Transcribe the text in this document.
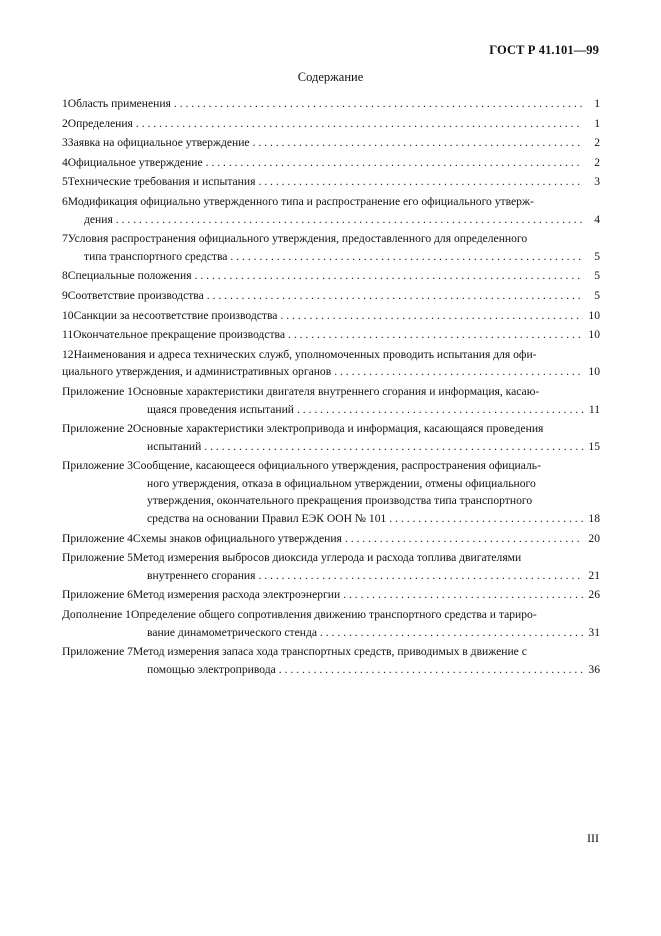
ГОСТ Р 41.101—99
Содержание
1 Область применения . . .	1
2 Определения . . .	1
3 Заявка на официальное утверждение . . .	2
4 Официальное утверждение . . .	2
5 Технические требования и испытания . . .	3
6 Модификация официально утвержденного типа и распространение его официального утверж-
дения . . .	4
7 Условия распространения официального утверждения, предоставленного для определенного
типа транспортного средства . . .	5
8 Специальные положения . . .	5
9 Соответствие производства . . .	5
10 Санкции за несоответствие производства . . .	10
11 Окончательное прекращение производства . . .	10
12 Наименования и адреса технических служб, уполномоченных проводить испытания для офи-
циального утверждения, и административных органов . . .	10
Приложение 1 Основные характеристики двигателя внутреннего сгорания и информация, касаю-
щаяся проведения испытаний . . .	11
Приложение 2 Основные характеристики электропривода и информация, касающаяся проведения
испытаний . . .	15
Приложение 3 Сообщение, касающееся официального утверждения, распространения официаль-
ного утверждения, отказа в официальном утверждении, отмены официального
утверждения, окончательного прекращения производства типа транспортного
средства на основании Правил ЕЭК ООН № 101 . . .	18
Приложение 4 Схемы знаков официального утверждения . . .	20
Приложение 5 Метод измерения выбросов диоксида углерода и расхода топлива двигателями
внутреннего сгорания . . .	21
Приложение 6 Метод измерения расхода электроэнергии . . .	26
Дополнение 1 Определение общего сопротивления движению транспортного средства и тариро-
вание динамометрического стенда . . .	31
Приложение 7 Метод измерения запаса хода транспортных средств, приводимых в движение с
помощью электропривода . . .	36
III
